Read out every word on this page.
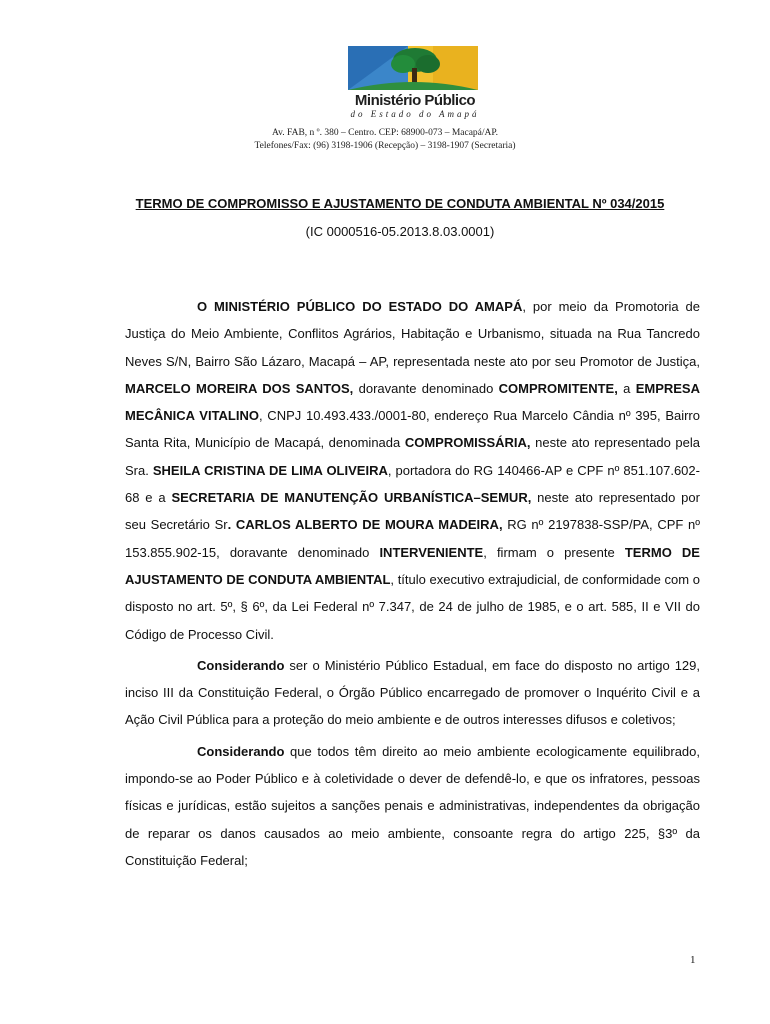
Ministério Público
do Estado do Amapá
Av. FAB, n º. 380 – Centro. CEP: 68900-073 – Macapá/AP.
Telefones/Fax: (96) 3198-1906 (Recepção) – 3198-1907 (Secretaria)
TERMO DE COMPROMISSO E AJUSTAMENTO DE CONDUTA AMBIENTAL Nº 034/2015
(IC 0000516-05.2013.8.03.0001)

O MINISTÉRIO PÚBLICO DO ESTADO DO AMAPÁ, por meio da Promotoria de Justiça do Meio Ambiente, Conflitos Agrários, Habitação e Urbanismo, situada na Rua Tancredo Neves S/N, Bairro São Lázaro, Macapá – AP, representada neste ato por seu Promotor de Justiça, MARCELO MOREIRA DOS SANTOS, doravante denominado COMPROMITENTE, a EMPRESA MECÂNICA VITALINO, CNPJ 10.493.433./0001-80, endereço Rua Marcelo Cândia nº 395, Bairro Santa Rita, Município de Macapá, denominada COMPROMISSÁRIA, neste ato representado pela Sra. SHEILA CRISTINA DE LIMA OLIVEIRA, portadora do RG 140466-AP e CPF nº 851.107.602-68 e a SECRETARIA DE MANUTENÇÃO URBANÍSTICA–SEMUR, neste ato representado por seu Secretário Sr. CARLOS ALBERTO DE MOURA MADEIRA, RG nº 2197838-SSP/PA, CPF nº 153.855.902-15, doravante denominado INTERVENIENTE, firmam o presente TERMO DE AJUSTAMENTO DE CONDUTA AMBIENTAL, título executivo extrajudicial, de conformidade com o disposto no art. 5º, § 6º, da Lei Federal nº 7.347, de 24 de julho de 1985, e o art. 585, II e VII do Código de Processo Civil.

Considerando ser o Ministério Público Estadual, em face do disposto no artigo 129, inciso III da Constituição Federal, o Órgão Público encarregado de promover o Inquérito Civil e a Ação Civil Pública para a proteção do meio ambiente e de outros interesses difusos e coletivos;

Considerando que todos têm direito ao meio ambiente ecologicamente equilibrado, impondo-se ao Poder Público e à coletividade o dever de defendê-lo, e que os infratores, pessoas físicas e jurídicas, estão sujeitos a sanções penais e administrativas, independentes da obrigação de reparar os danos causados ao meio ambiente, consoante regra do artigo 225, §3º da Constituição Federal;

1
